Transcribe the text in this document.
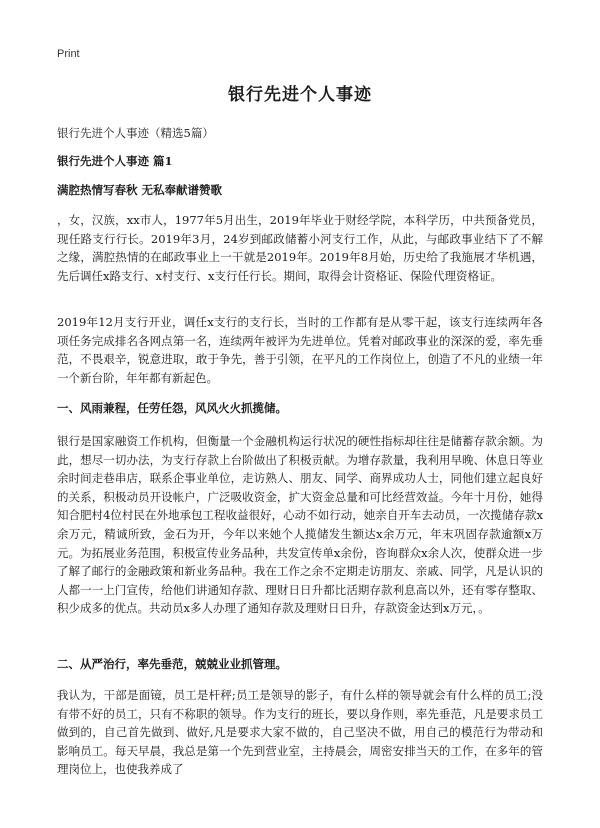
Print
银行先进个人事迹
银行先进个人事迹（精选5篇）
银行先进个人事迹 篇1
满腔热情写春秋 无私奉献谱赞歌

，女，汉族，xx市人，1977年5月出生，2019年毕业于财经学院，本科学历，中共预备党员，现任路支行行长。2019年3月，24岁到邮政储蓄小河支行工作，从此，与邮政事业结下了不解之缘，满腔热情的在邮政事业上一干就是2019年。2019年8月始，历史给了我施展才华机遇，先后调任x路支行、x村支行、x支行任行长。期间，取得会计资格证、保险代理资格证。

2019年12月支行开业，调任x支行的支行长，当时的工作都有是从零干起，该支行连续两年各项任务完成排名各网点第一名，连续两年被评为先进单位。凭着对邮政事业的深深的爱，率先垂范，不畏艰辛，锐意进取，敢于争先，善于引领，在平凡的工作岗位上，创造了不凡的业绩一年一个新台阶，年年都有新起色。

一、风雨兼程，任劳任怨，风风火火抓揽储。

银行是国家融资工作机构，但衡量一个金融机构运行状况的硬性指标却往往是储蓄存款余额。为此，想尽一切办法，为支行存款上台阶做出了积极贡献。为增存款量，我利用早晚、休息日等业余时间走巷串店，联系企事业单位，走访熟人、朋友、同学、商界成功人士，同他们建立起良好的关系，积极动员开设帐户，广泛吸收资金，扩大资金总量和可比经营效益。今年十月份，她得知合肥村4位村民在外地承包工程收益很好，心动不如行动，她亲自开车去动员，一次揽储存款x余万元，精诚所致，金石为开，今年以来她个人揽储发生额达x余万元，年末巩固存款逾额x万元。为拓展业务范围，积极宣传业务品种，共发宣传单x余份，咨询群众x余人次，使群众进一步了解了邮行的金融政策和新业务品种。我在工作之余不定期走访朋友、亲戚、同学，凡是认识的人都一一上门宣传，给他们讲通知存款、理财日日升都比活期存款利息高以外，还有零存整取、积少成多的优点。共动员x多人办理了通知存款及理财日日升，存款资金达到x万元，。

二、从严治行，率先垂范，兢兢业业抓管理。

我认为，干部是面镜，员工是杆秤;员工是领导的影子，有什么样的领导就会有什么样的员工;没有带不好的员工，只有不称职的领导。作为支行的班长，要以身作则，率先垂范，凡是要求员工做到的，自己首先做到、做好,凡是要求大家不做的，自己坚决不做，用自己的模范行为带动和影响员工。每天早晨，我总是第一个先到营业室，主持晨会，周密安排当天的工作，在多年的管理岗位上，也使我养成了
